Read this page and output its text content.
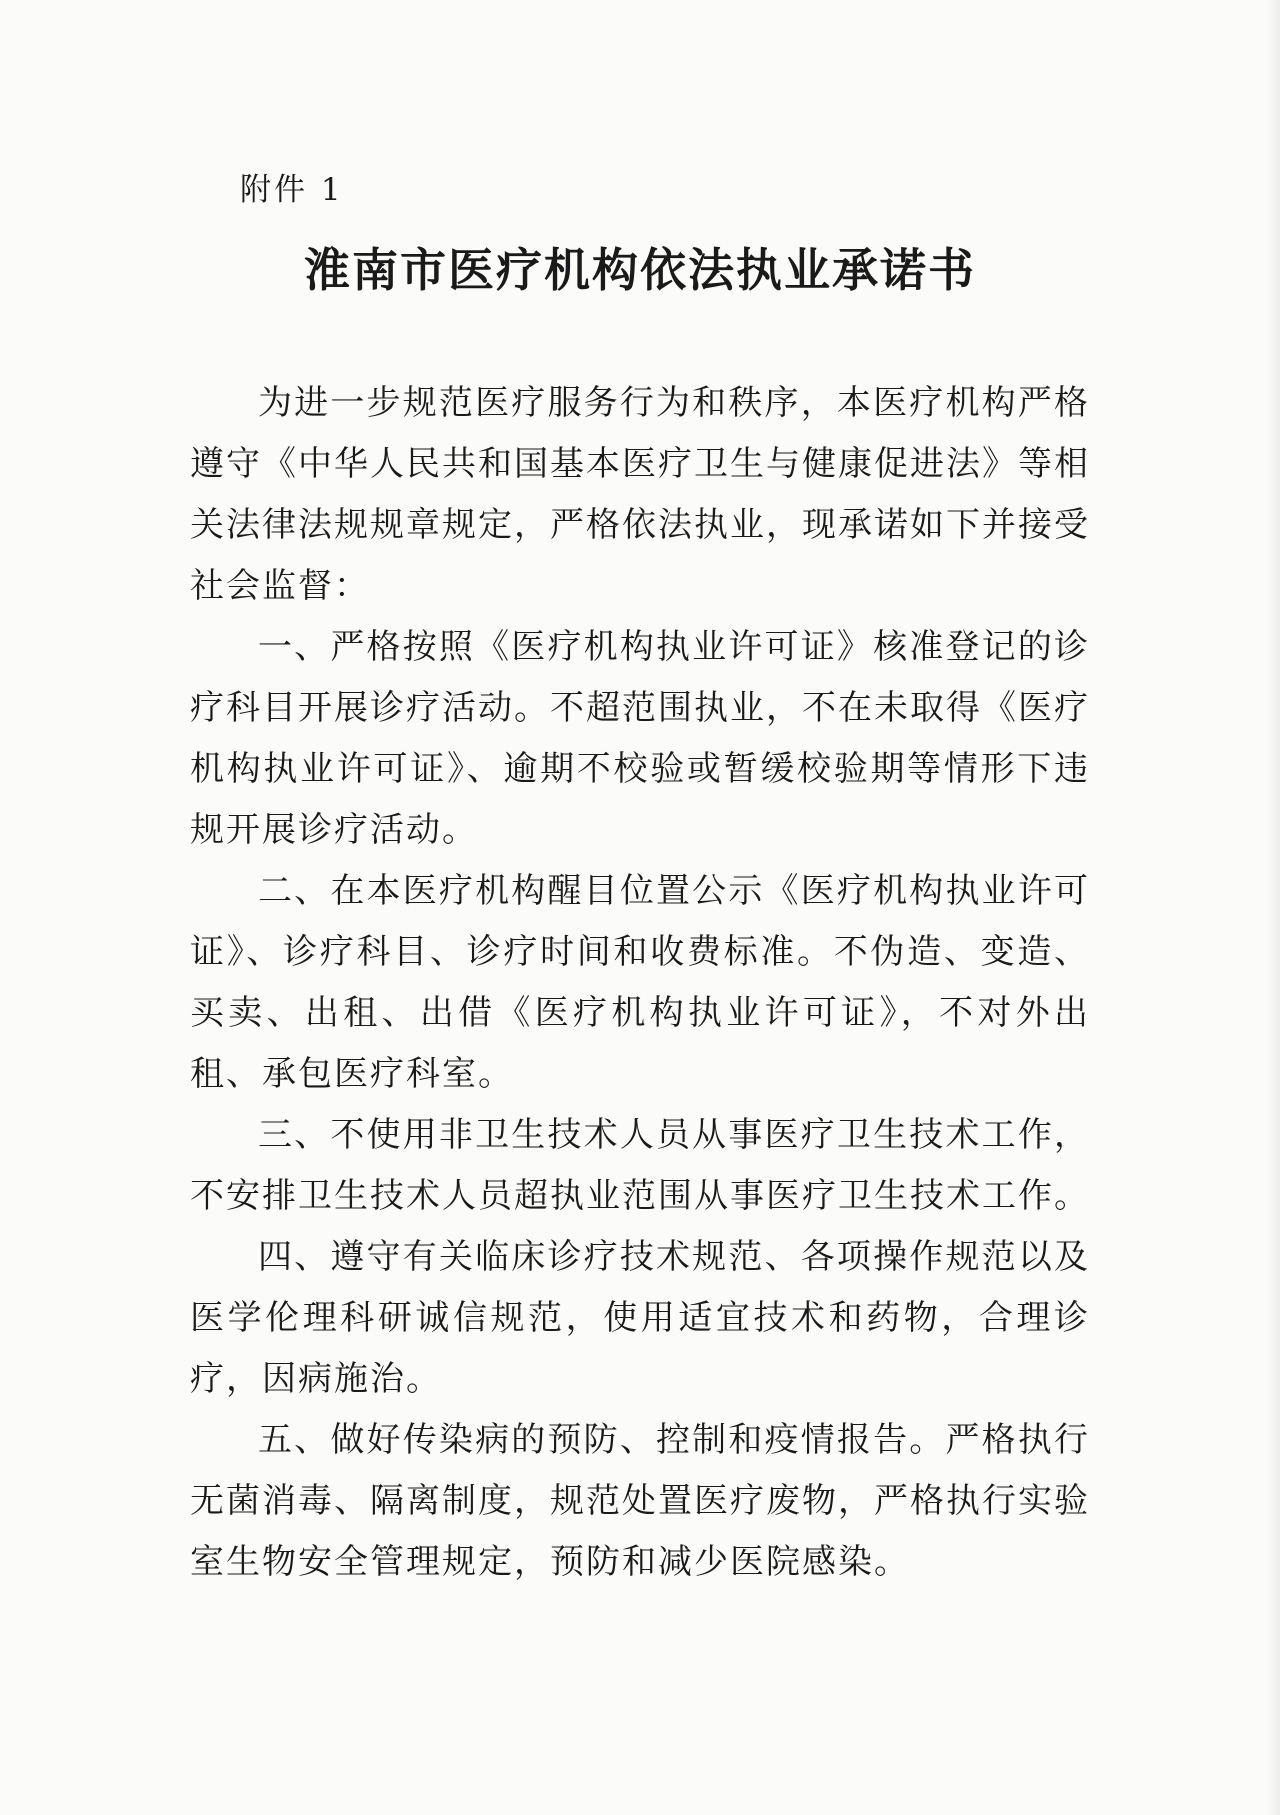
附件 1

淮南市医疗机构依法执业承诺书

为进一步规范医疗服务行为和秩序，本医疗机构严格遵守《中华人民共和国基本医疗卫生与健康促进法》等相关法律法规规章规定，严格依法执业，现承诺如下并接受社会监督：

一、严格按照《医疗机构执业许可证》核准登记的诊疗科目开展诊疗活动。不超范围执业，不在未取得《医疗机构执业许可证》、逾期不校验或暂缓校验期等情形下违规开展诊疗活动。

二、在本医疗机构醒目位置公示《医疗机构执业许可证》、诊疗科目、诊疗时间和收费标准。不伪造、变造、买卖、出租、出借《医疗机构执业许可证》，不对外出租、承包医疗科室。

三、不使用非卫生技术人员从事医疗卫生技术工作，不安排卫生技术人员超执业范围从事医疗卫生技术工作。

四、遵守有关临床诊疗技术规范、各项操作规范以及医学伦理科研诚信规范，使用适宜技术和药物，合理诊疗，因病施治。

五、做好传染病的预防、控制和疫情报告。严格执行无菌消毒、隔离制度，规范处置医疗废物，严格执行实验室生物安全管理规定，预防和减少医院感染。
